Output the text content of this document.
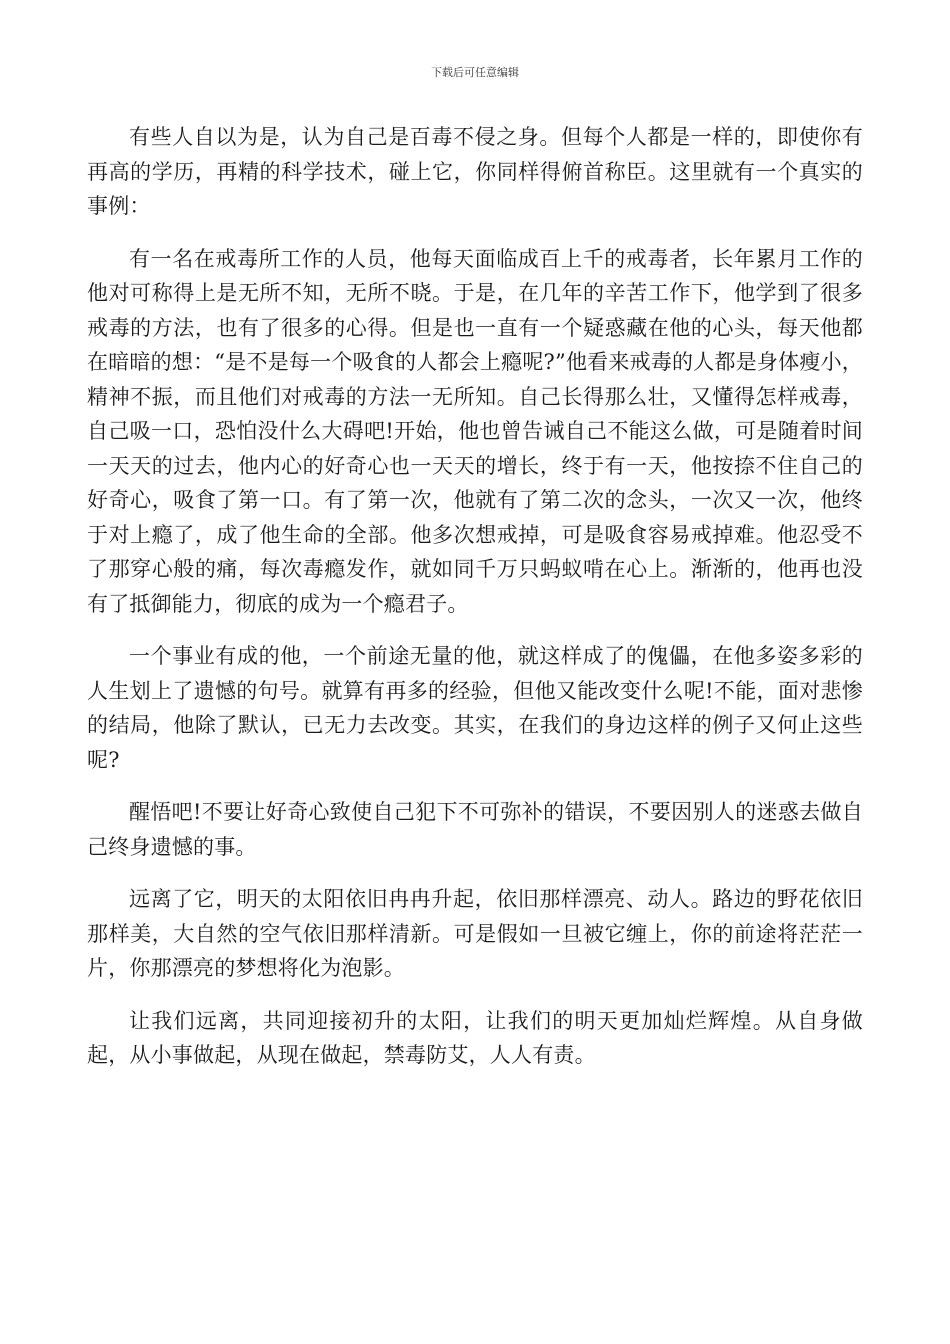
下载后可任意编辑

有些人自以为是，认为自己是百毒不侵之身。但每个人都是一样的，即使你有再高的学历，再精的科学技术，碰上它，你同样得俯首称臣。这里就有一个真实的事例：

有一名在戒毒所工作的人员，他每天面临成百上千的戒毒者，长年累月工作的他对可称得上是无所不知，无所不晓。于是，在几年的辛苦工作下，他学到了很多戒毒的方法，也有了很多的心得。但是也一直有一个疑惑藏在他的心头，每天他都在暗暗的想：“是不是每一个吸食的人都会上瘾呢?”他看来戒毒的人都是身体瘦小，精神不振，而且他们对戒毒的方法一无所知。自己长得那么壮，又懂得怎样戒毒，自己吸一口，恐怕没什么大碍吧!开始，他也曾告诫自己不能这么做，可是随着时间一天天的过去，他内心的好奇心也一天天的增长，终于有一天，他按捺不住自己的好奇心，吸食了第一口。有了第一次，他就有了第二次的念头，一次又一次，他终于对上瘾了，成了他生命的全部。他多次想戒掉，可是吸食容易戒掉难。他忍受不了那穿心般的痛，每次毒瘾发作，就如同千万只蚂蚁啃在心上。渐渐的，他再也没有了抵御能力，彻底的成为一个瘾君子。

一个事业有成的他，一个前途无量的他，就这样成了的傀儡，在他多姿多彩的人生划上了遗憾的句号。就算有再多的经验，但他又能改变什么呢!不能，面对悲惨的结局，他除了默认，已无力去改变。其实，在我们的身边这样的例子又何止这些呢?

醒悟吧!不要让好奇心致使自己犯下不可弥补的错误，不要因别人的迷惑去做自己终身遗憾的事。

远离了它，明天的太阳依旧冉冉升起，依旧那样漂亮、动人。路边的野花依旧那样美，大自然的空气依旧那样清新。可是假如一旦被它缠上，你的前途将茫茫一片，你那漂亮的梦想将化为泡影。

让我们远离，共同迎接初升的太阳，让我们的明天更加灿烂辉煌。从自身做起，从小事做起，从现在做起，禁毒防艾，人人有责。
